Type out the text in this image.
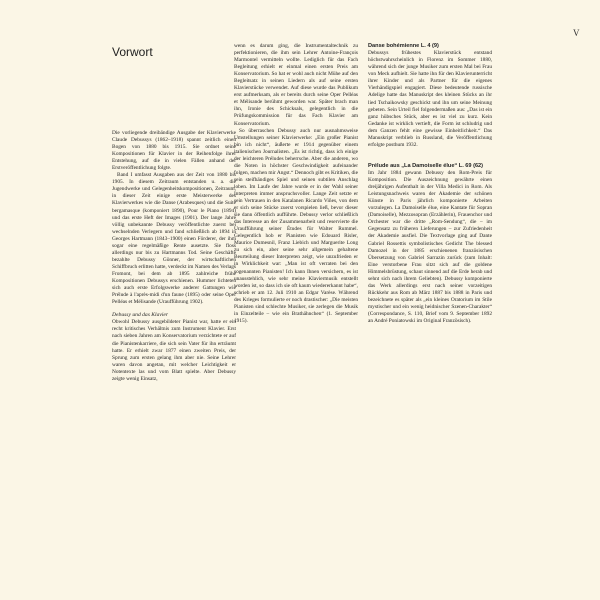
V
Vorwort

Die vorliegende dreibändige Ausgabe der Klavierwerke Claude Debussys (1862–1918) spannt zeitlich einen Bogen von 1880 bis 1915. Sie ordnet seine Kompositionen für Klavier in der Reihenfolge ihrer Entstehung, auf die in vielen Fällen anhand der Erstveröffentlichung folgte.

Band I umfasst Ausgaben aus der Zeit von 1880 bis 1905. In diesem Zeitraum entstanden u. a. die Jugendwerke und Gelegenheitskompositionen, Zeitraum, in dieser Zeit einige erste Meisterwerke des Klavierwerkes wie die Danse (Arabesques) und die Suite bergamasque (komponiert 1890), Pour le Piano (1894) und das erste Heft der Images (1901). Der lange Jahre völlig unbekannte Debussy veröffentlichte zuerst bei wechselnden Verlegern und fand schließlich ab 1894 in Georges Hartmann (1843–1900) einen Förderer, der ihm sogar eine regelmäßige Rente ausetzte. Sie floss allerdings nur bis zu Hartmanns Tod. Seine Geschäfte bezahlte Debussy Gönner, der wirtschaftlichen Schiffbruch erlitten hatte, verdeckt im Namen des Verlags Fromont, bei dem ab 1895 zahlreiche frühe Kompositionen Debussys erschienen. Hummer lichteten sich auch erste Erfolgswerke anderer Gattungen wie Prélude à l'après-midi d'un faune (1895) oder seine Oper Pelléas et Mélisande (Uraufführung 1902).

Debussy und das Klavier

Obwohl Debussy ausgebildeter Pianist war, hatte er ein recht kritisches Verhältnis zum Instrument Klavier. Erst nach sieben Jahren am Konservatorium verzichtete er auf die Pianistenkarriere, die sich sein Vater für ihn erträumt hatte. Er erhielt zwar 1877 einen zweiten Preis, der Sprung zum ersten gelang ihm aber nie. Seine Lehrer waren davon angetan, mit welcher Leichtigkeit er Notentexte las und vom Blatt spielte. Aber Debussy zeigte wenig Einsatz,

wenn es darum ging, die Instrumentaltechnik zu perfektionieren, die ihm sein Lehrer Antoine-François Marmontel vermitteln wollte. Lediglich für das Fach Begleitung erhielt er einmal einen ersten Preis am Konservatorium. So hat er wohl auch nicht Mühe auf den Begleitsatz in seinen Liedern als auf seine ersten Klavierstücke verwendet. Auf diese wurde das Publikum erst aufmerksam, als er bereits durch seine Oper Pelléas et Mélisande berühmt geworden war. Später brach man ihn, Ironie des Schicksals, gelegentlich in die Prüfungskommission für das Fach Klavier am Konservatorium.

So überraschen Debussy auch nur ausnahmsweise Umstellungen seiner Klavierwerke: „Ein großer Pianist bin ich nicht“, äußerte er 1914 gegenüber einem italienischen Journalisten. „Es ist richtig, dass ich einige der leichteren Préludes beherrsche. Aber die anderen, wo die Noten in höchster Geschwindigkeit aufeinander folgen, machen mir Angst.“ Dennoch gibt es Kritiken, die sein steifhändiges Spiel und seinen subtilen Anschlag loben. Im Laufe der Jahre wurde er in der Wahl seiner Interpreten immer anspruchsvoller. Lange Zeit setzte er sein Vertrauen in den Katalanen Ricardo Viñes, von dem er sich seine Stücke zuerst vorspielen ließ, bevor dieser sie dann öffentlich aufführte. Debussy verlor schließlich das Interesse an der Zusammenarbeit und reservierte die Uraufführung seiner Études für Walter Rummel. Gelegentlich hob er Pianisten wie Edouard Risler, Maurice Dumesnil, Franz Liebich und Marguerite Long zu sich ein, aber seine sehr allgemein gehaltene Beurteilung dieser Interpreten zeigt, wie unzufrieden er in Wirklichkeit war: „Man ist oft verraten bei den sogenannten Pianisten! Ich kann Ihnen versichern, es ist unausstehlich, wie sehr meine Klaviermusik entstellt worden ist, so dass ich sie oft kaum wiedererkannt habe“, schrieb er am 12. Juli 1910 an Edgar Varèse. Während des Krieges formulierte er noch drastischer: „Die meisten Pianisten sind schlechte Musiker, sie zerlegen die Musik in Einzelteile – wie ein Brathähnchen“ (1. September 1915).

Danse bohémienne L. 4 (9)

Debussys frühestes Klavierstück entstand höchstwahrscheinlich in Florenz im Sommer 1880, während sich der junge Musiker zum ersten Mal bei Frau von Meck aufhielt. Sie hatte ihn für den Klavierunterricht ihrer Kinder und als Partner für die eigenes Vierhändigspiel engagiert. Diese bedeutende russische Adelige hatte das Manuskript des kleinen Stücks an ihr lied Tschaikowsky geschickt und ihn um seine Meinung gebeten. Sein Urteil fiel folgendermaßen aus: „Das ist ein ganz hübsches Stück, aber es ist viel zu kurz. Kein Gedanke ist wirklich vertieft, die Form ist schludrig und dem Ganzen fehlt eine gewisse Einheitlichkeit.“ Das Manuskript verblieb in Russland, die Veröffentlichung erfolgte posthum 1932.

Prélude aus „La Damoiselle élue“ L. 69 (62)

Im Jahr 1884 gewann Debussy den Rom-Preis für Komposition. Die Auszeichnung gewährte einen dreijährigen Aufenthalt in der Villa Medici in Rom. Als Leistungsnachweis waren der Akademie der schönen Künste in Paris jährlich komponierte Arbeiten vorzulegen. La Damoiselle élue, eine Kantate für Sopran (Damoiselle), Mezzosopran (Erzählerin), Frauenchor und Orchester war die dritte „Rom-Sendung“, die – im Gegensatz zu früheren Lieferungen – zur Zufriedenheit der Akademie ausfiel. Die Textvorlage ging auf Dante Gabriel Rossettis symbolistisches Gedicht The blessed Damozel in der 1885 erschienenen französischen Übersetzung von Gabriel Sarrazin zurück (zum Inhalt: Eine verstorbene Frau sitzt sich auf die goldene Himmelsbrüstung, schaut sinnend auf die Erde herab und sehnt sich nach ihrem Geliebten). Debussy komponierte das Werk allerdings erst nach seiner vorzeitigen Rückkehr aus Rom ab März 1887 bis 1888 in Paris und bezeichnete es später als „ein kleines Oratorium im Stile mystischer und ein wenig heidnischer Szenen-Charakter“ (Correspondance, S. 110, Brief vom 9. September 1892 an André Poniatowski im Original Französisch).
